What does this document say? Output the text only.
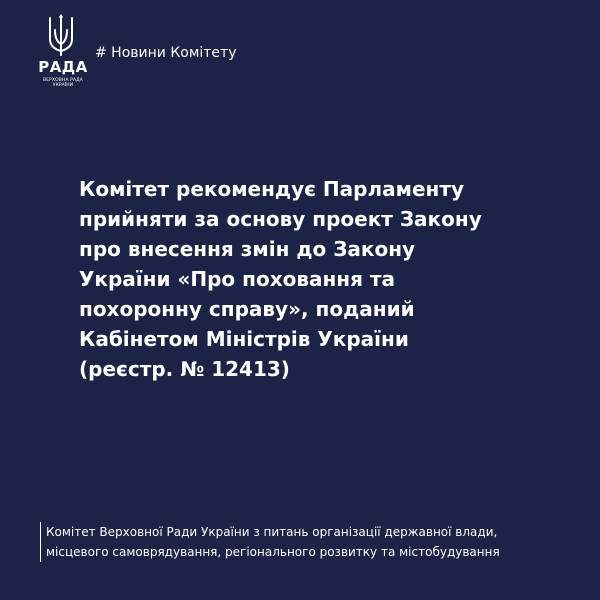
РАДА
ВЕРХОВНА РАДА
УКРАЇНИ
# Новини Комітету
Комітет рекомендує Парламенту
прийняти за основу проект Закону
про внесення змін до Закону
України «Про поховання та
похоронну справу», поданий
Кабінетом Міністрів України
(реєстр. № 12413)
Комітет Верховної Ради України з питань організації державної влади,
місцевого самоврядування, регіонального розвитку та містобудування
